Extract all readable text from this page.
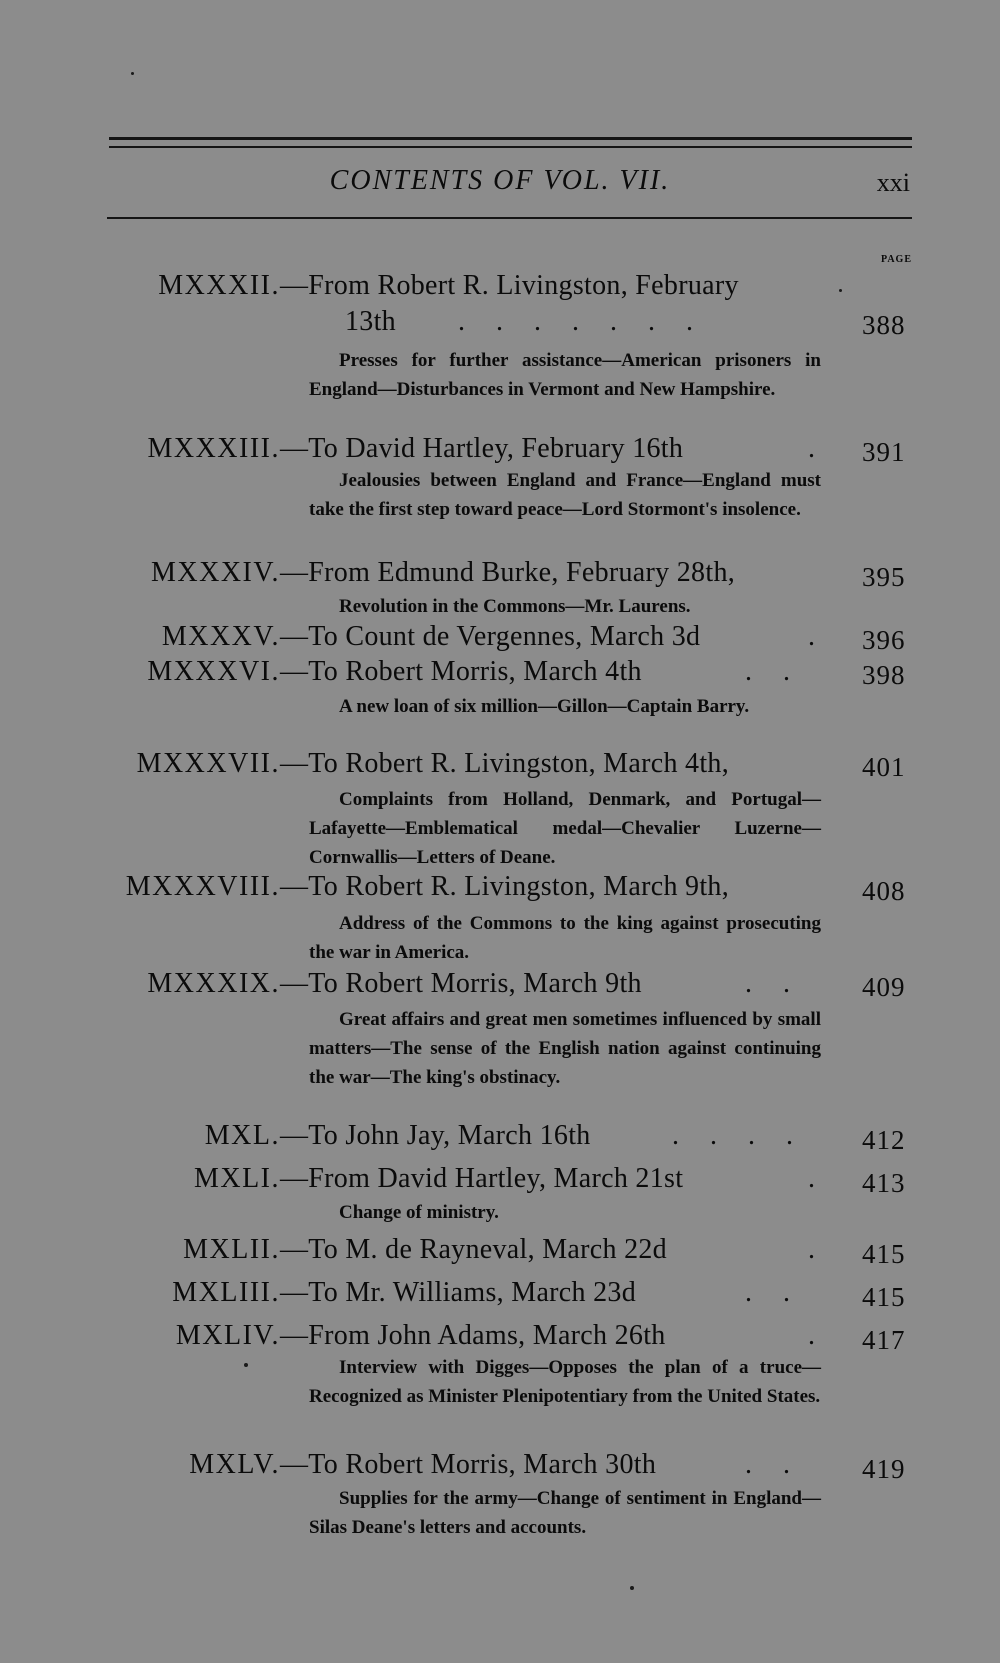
CONTENTS OF VOL. VII.	xxi
PAGE
MXXXII. —From Robert R. Livingston, February
13th . . . . . . .	388
Presses for further assistance—American prisoners in England—Disturbances in Vermont and New Hampshire.
MXXXIII. —To David Hartley, February 16th	. 391
Jealousies between England and France—England must take the first step toward peace—Lord Stormont's insolence.
MXXXIV. —From Edmund Burke, February 28th,	395
Revolution in the Commons—Mr. Laurens.
MXXXV. —To Count de Vergennes, March 3d	. 396
MXXXVI. —To Robert Morris, March 4th	. . 398
A new loan of six million—Gillon—Captain Barry.
MXXXVII. —To Robert R. Livingston, March 4th,	401
Complaints from Holland, Denmark, and Portugal—Lafayette—Emblematical medal—Chevalier Luzerne—Cornwallis—Letters of Deane.
MXXXVIII. —To Robert R. Livingston, March 9th,	408
Address of the Commons to the king against prosecuting the war in America.
MXXXIX. —To Robert Morris, March 9th	. . 409
Great affairs and great men sometimes influenced by small matters—The sense of the English nation against continuing the war—The king's obstinacy.
MXL. —To John Jay, March 16th	. . . . 412
MXLI. —From David Hartley, March 21st	. 413
Change of ministry.
MXLII. —To M. de Rayneval, March 22d	. 415
MXLIII. —To Mr. Williams, March 23d	. . 415
MXLIV. —From John Adams, March 26th	. 417
Interview with Digges—Opposes the plan of a truce—Recognized as Minister Plenipotentiary from the United States.
MXLV. —To Robert Morris, March 30th	. . 419
Supplies for the army—Change of sentiment in England—Silas Deane's letters and accounts.
